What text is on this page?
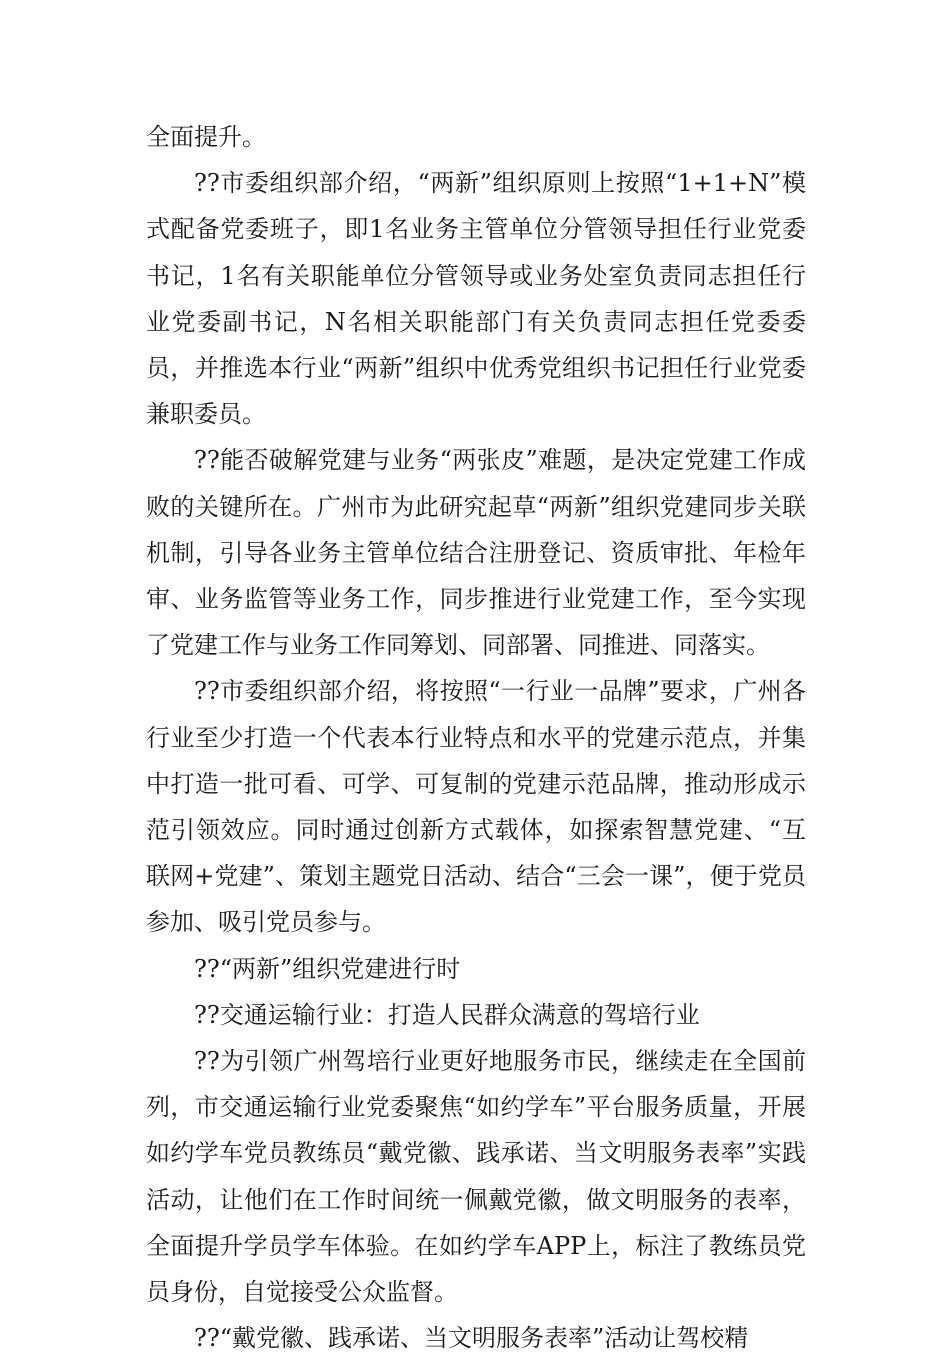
全面提升。

??市委组织部介绍，“两新”组织原则上按照“1+1+N”模式配备党委班子，即1名业务主管单位分管领导担任行业党委书记，1名有关职能单位分管领导或业务处室负责同志担任行业党委副书记，N名相关职能部门有关负责同志担任党委委员，并推选本行业“两新”组织中优秀党组织书记担任行业党委兼职委员。

??能否破解党建与业务“两张皮”难题，是决定党建工作成败的关键所在。广州市为此研究起草“两新”组织党建同步关联机制，引导各业务主管单位结合注册登记、资质审批、年检年审、业务监管等业务工作，同步推进行业党建工作，至今实现了党建工作与业务工作同筹划、同部署、同推进、同落实。

??市委组织部介绍，将按照“一行业一品牌”要求，广州各行业至少打造一个代表本行业特点和水平的党建示范点，并集中打造一批可看、可学、可复制的党建示范品牌，推动形成示范引领效应。同时通过创新方式载体，如探索智慧党建、“互联网+党建”、策划主题党日活动、结合“三会一课”，便于党员参加、吸引党员参与。

??“两新”组织党建进行时

??交通运输行业：打造人民群众满意的驾培行业

??为引领广州驾培行业更好地服务市民，继续走在全国前列，市交通运输行业党委聚焦“如约学车”平台服务质量，开展如约学车党员教练员“戴党徽、践承诺、当文明服务表率”实践活动，让他们在工作时间统一佩戴党徽，做文明服务的表率，全面提升学员学车体验。在如约学车APP上，标注了教练员党员身份，自觉接受公众监督。

??“戴党徽、践承诺、当文明服务表率”活动让驾校精
